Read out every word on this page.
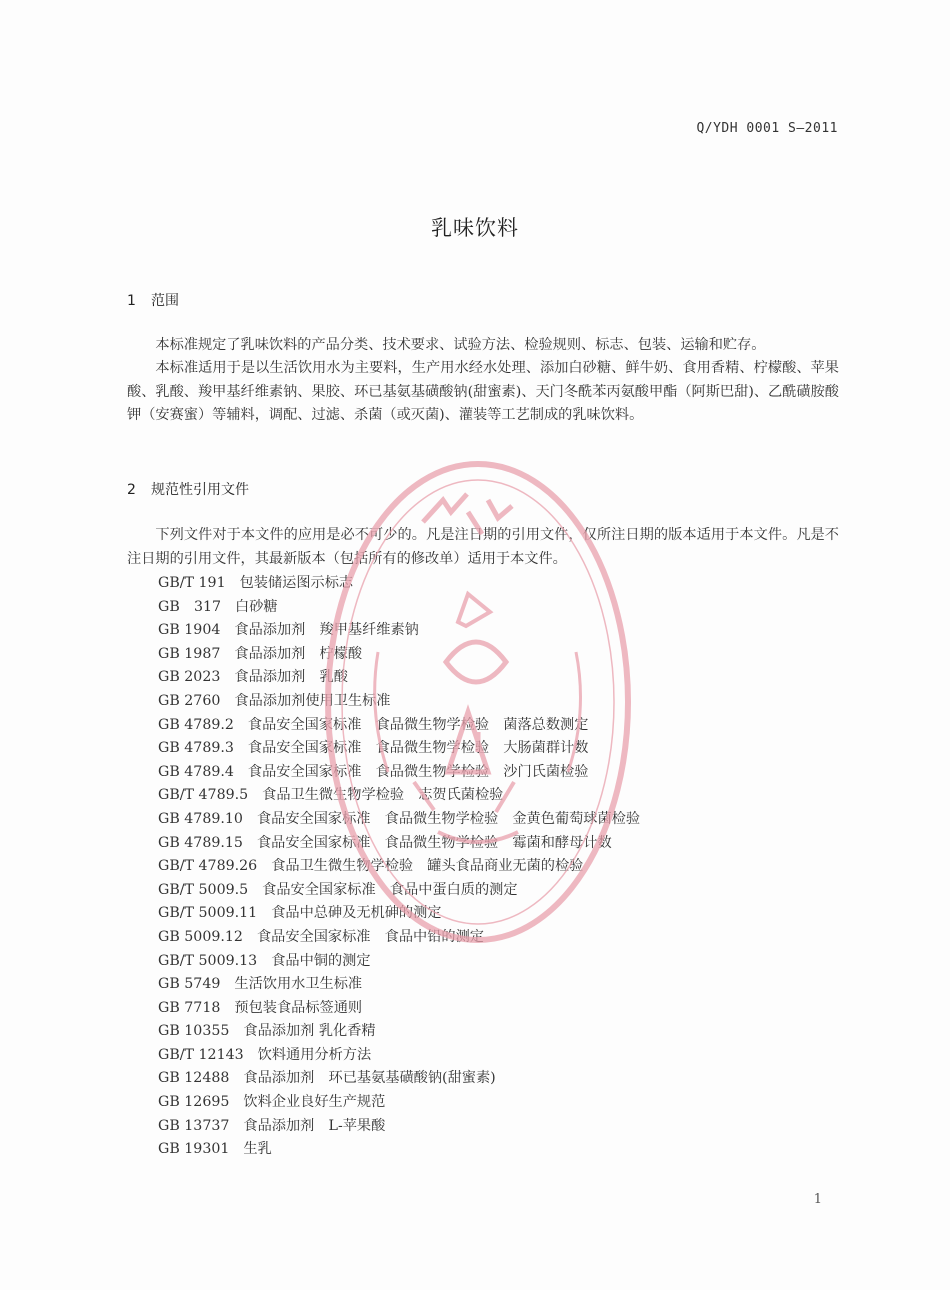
Q/YDH 0001 S—2011
乳味饮料
1 范围

本标准规定了乳味饮料的产品分类、技术要求、试验方法、检验规则、标志、包装、运输和贮存。

本标准适用于是以生活饮用水为主要料，生产用水经水处理、添加白砂糖、鲜牛奶、食用香精、柠檬酸、苹果酸、乳酸、羧甲基纤维素钠、果胶、环已基氨基磺酸钠(甜蜜素)、天门冬酰苯丙氨酸甲酯（阿斯巴甜)、乙酰磺胺酸钾（安赛蜜）等辅料，调配、过滤、杀菌（或灭菌)、灌装等工艺制成的乳味饮料。

2 规范性引用文件

下列文件对于本文件的应用是必不可少的。凡是注日期的引用文件，仅所注日期的版本适用于本文件。凡是不注日期的引用文件，其最新版本（包括所有的修改单）适用于本文件。

GB/T 191 包装储运图示标志
GB　317 白砂糖
GB 1904 食品添加剂　羧甲基纤维素钠
GB 1987 食品添加剂　柠檬酸
GB 2023 食品添加剂　乳酸
GB 2760 食品添加剂使用卫生标准
GB 4789.2 食品安全国家标准　食品微生物学检验　菌落总数测定
GB 4789.3 食品安全国家标准　食品微生物学检验　大肠菌群计数
GB 4789.4 食品安全国家标准　食品微生物学检验　沙门氏菌检验
GB/T 4789.5 食品卫生微生物学检验　志贺氏菌检验
GB 4789.10 食品安全国家标准　食品微生物学检验　金黄色葡萄球菌检验
GB 4789.15 食品安全国家标准　食品微生物学检验　霉菌和酵母计数
GB/T 4789.26 食品卫生微生物学检验　罐头食品商业无菌的检验
GB/T 5009.5 食品安全国家标准　食品中蛋白质的测定
GB/T 5009.11 食品中总砷及无机砷的测定
GB 5009.12 食品安全国家标准　食品中铅的测定
GB/T 5009.13 食品中铜的测定
GB 5749 生活饮用水卫生标准
GB 7718 预包装食品标签通则
GB 10355 食品添加剂 乳化香精
GB/T 12143 饮料通用分析方法
GB 12488 食品添加剂　环已基氨基磺酸钠(甜蜜素)
GB 12695 饮料企业良好生产规范
GB 13737 食品添加剂　L-苹果酸
GB 19301 生乳
1
